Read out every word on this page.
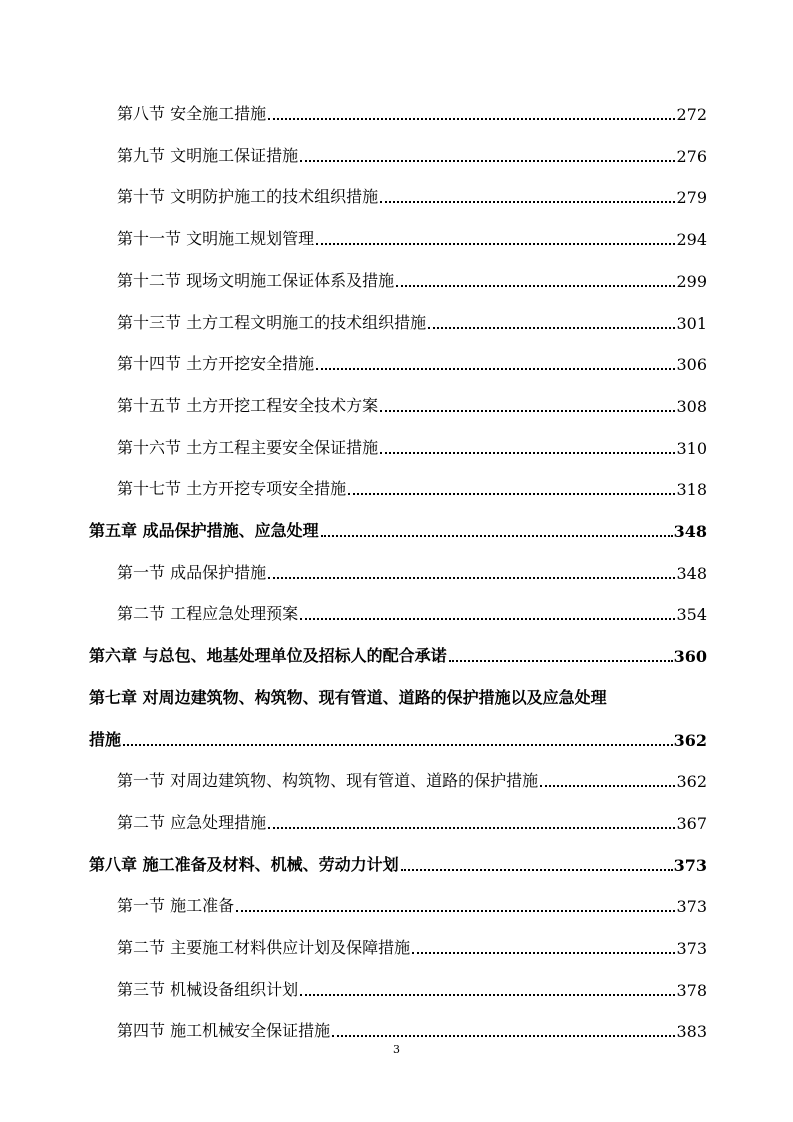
第八节 安全施工措施	272
第九节 文明施工保证措施	276
第十节 文明防护施工的技术组织措施	279
第十一节 文明施工规划管理	294
第十二节 现场文明施工保证体系及措施	299
第十三节 土方工程文明施工的技术组织措施	301
第十四节 土方开挖安全措施	306
第十五节 土方开挖工程安全技术方案	308
第十六节 土方工程主要安全保证措施	310
第十七节 土方开挖专项安全措施	318
第五章 成品保护措施、应急处理	348
第一节 成品保护措施	348
第二节 工程应急处理预案	354
第六章 与总包、地基处理单位及招标人的配合承诺	360
第七章 对周边建筑物、构筑物、现有管道、道路的保护措施以及应急处理
措施	362
第一节 对周边建筑物、构筑物、现有管道、道路的保护措施	362
第二节 应急处理措施	367
第八章 施工准备及材料、机械、劳动力计划	373
第一节 施工准备	373
第二节 主要施工材料供应计划及保障措施	373
第三节 机械设备组织计划	378
第四节 施工机械安全保证措施	383
3
